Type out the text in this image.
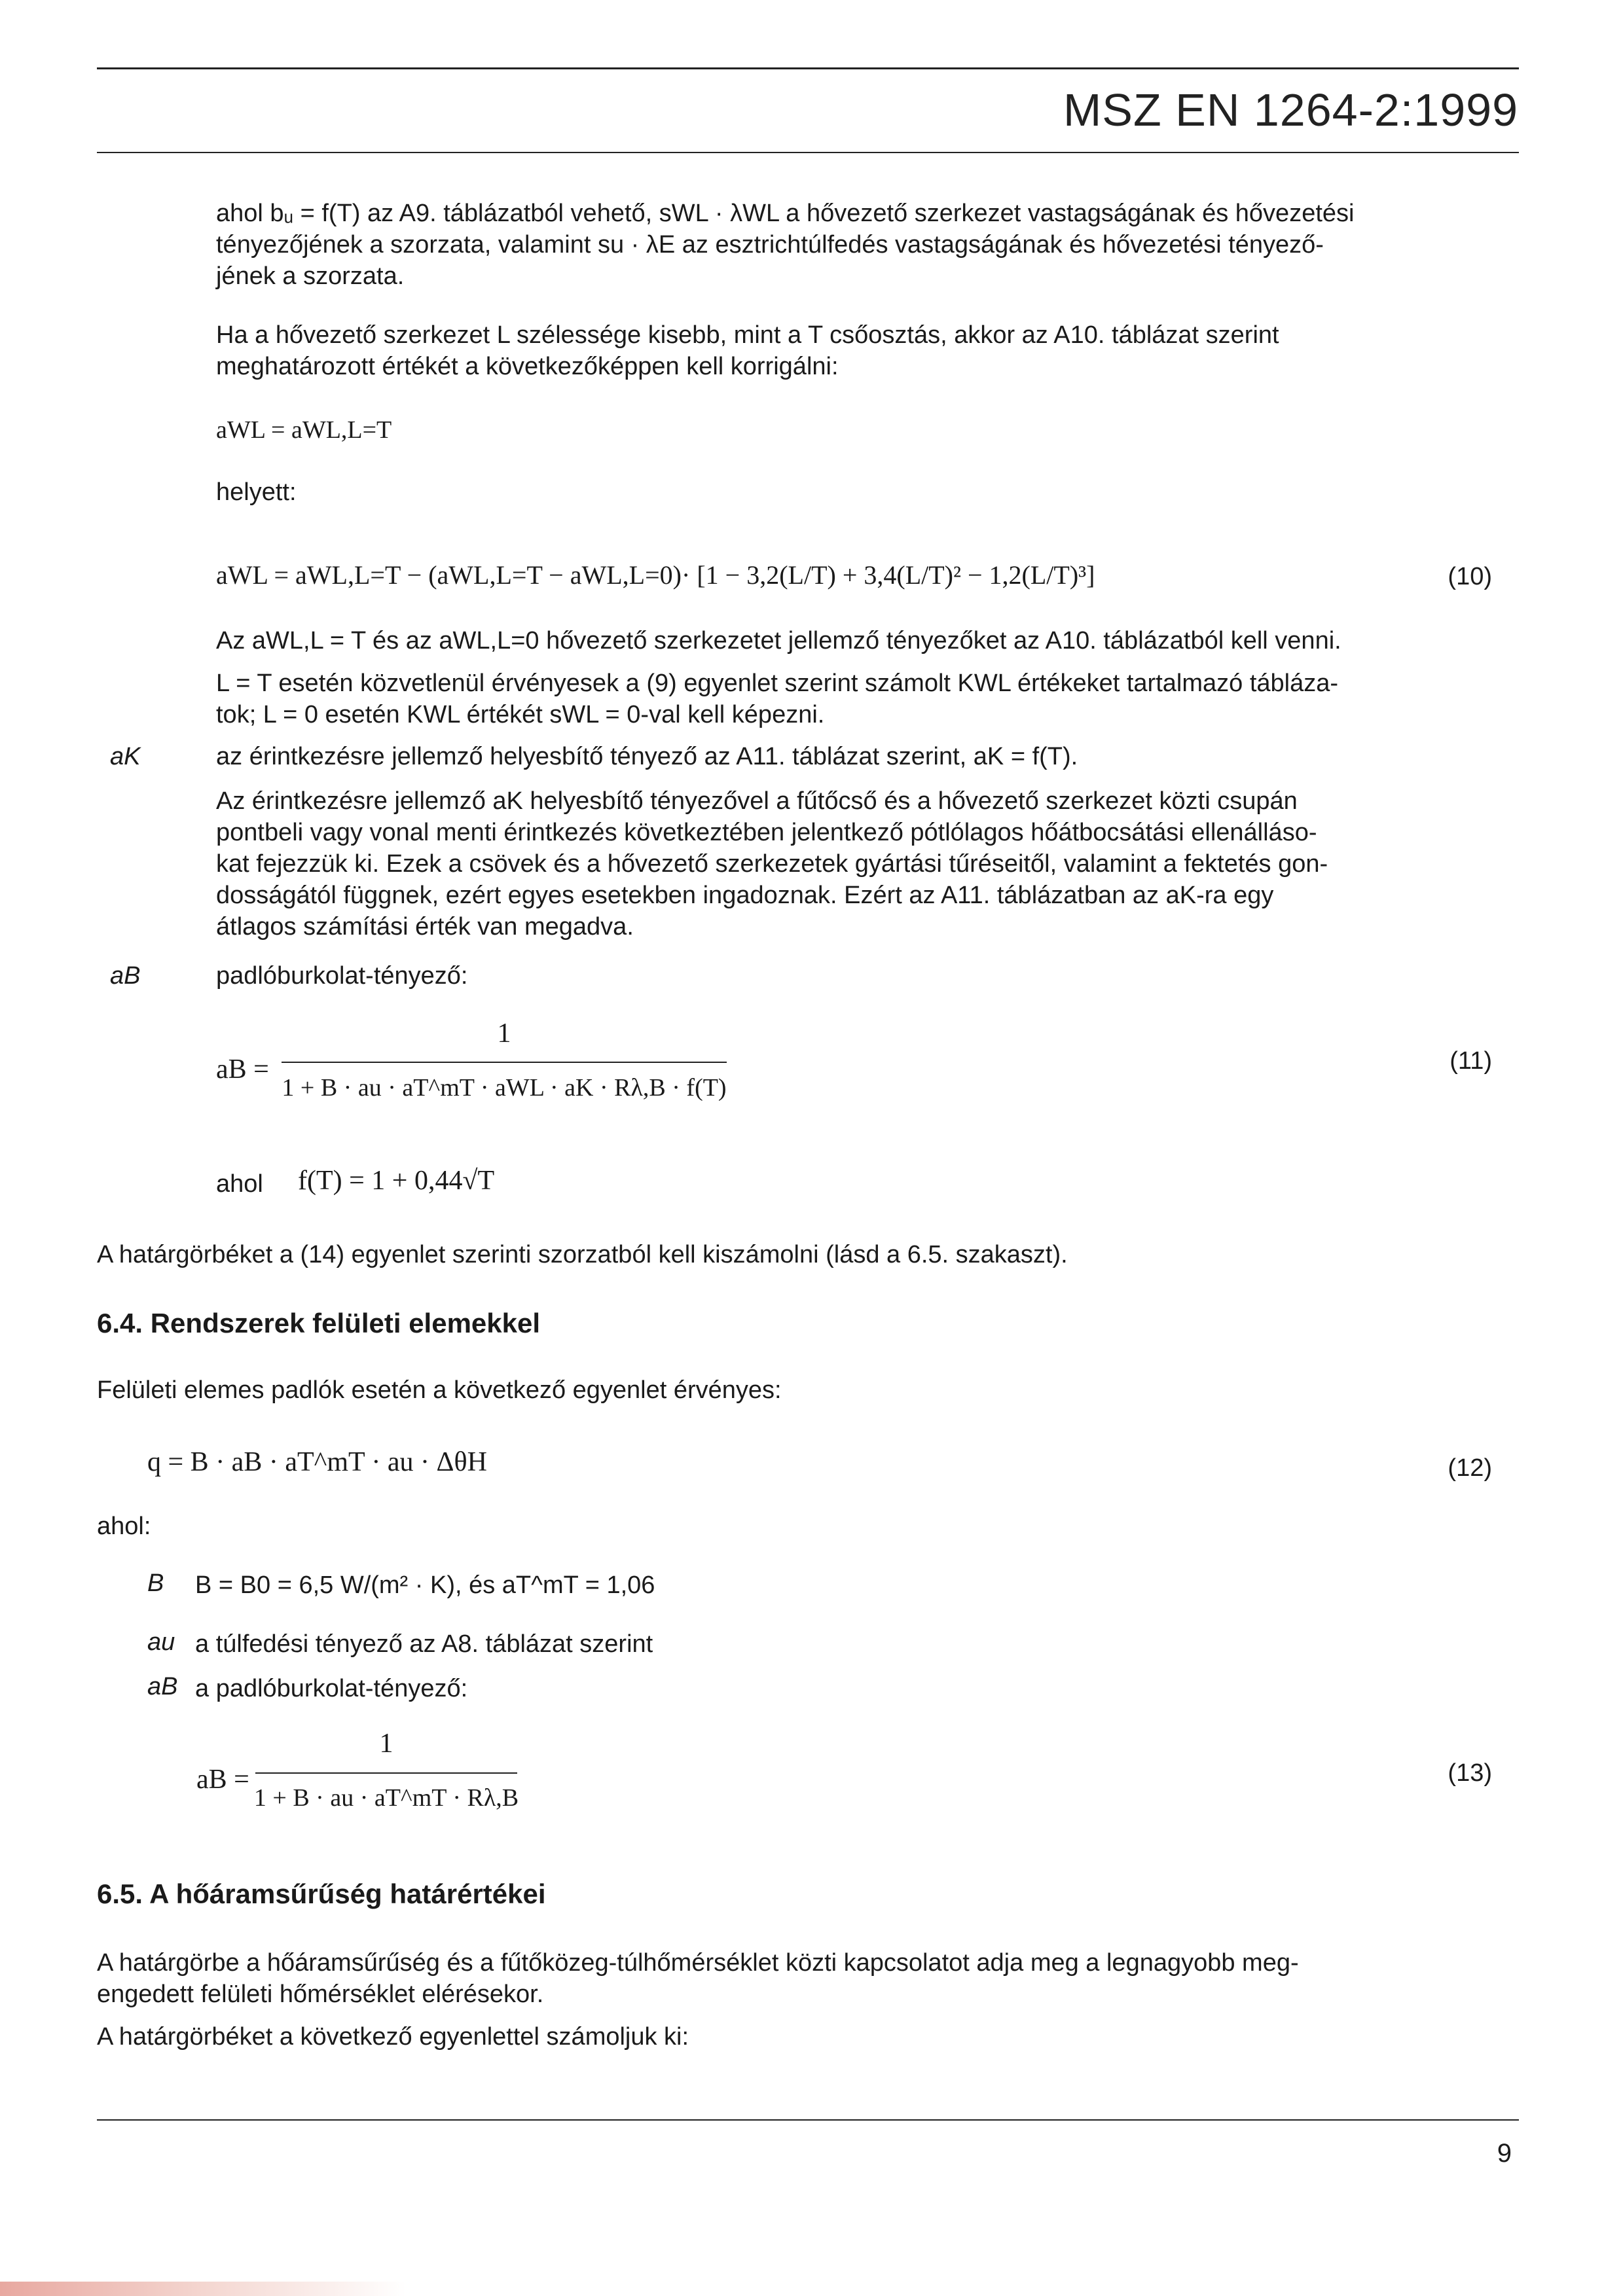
MSZ EN 1264-2:1999
ahol bᵤ = f(T) az A9. táblázatból vehető, sWL · λWL a hővezető szerkezet vastagságának és hővezetési
tényezőjének a szorzata, valamint su · λE az esztrichtúlfedés vastagságának és hővezetési tényező-
jének a szorzata.
Ha a hővezető szerkezet L szélessége kisebb, mint a T csőosztás, akkor az A10. táblázat szerint
meghatározott értékét a következőképpen kell korrigálni:
aWL = aWL,L=T
helyett:
aWL = aWL,L=T − (aWL,L=T − aWL,L=0)· [1 − 3,2(L/T) + 3,4(L/T)² − 1,2(L/T)³]	(10)
Az aWL,L = T és az aWL,L=0 hővezető szerkezetet jellemző tényezőket az A10. táblázatból kell venni.
L = T esetén közvetlenül érvényesek a (9) egyenlet szerint számolt KWL értékeket tartalmazó tábláza-
tok; L = 0 esetén KWL értékét sWL = 0-val kell képezni.
aK	az érintkezésre jellemző helyesbítő tényező az A11. táblázat szerint, aK = f(T).
Az érintkezésre jellemző aK helyesbítő tényezővel a fűtőcső és a hővezető szerkezet közti csupán
pontbeli vagy vonal menti érintkezés következtében jelentkező pótlólagos hőátbocsátási ellenálláso-
kat fejezzük ki. Ezek a csövek és a hővezető szerkezetek gyártási tűréseitől, valamint a fektetés gon-
dosságától függnek, ezért egyes esetekben ingadoznak. Ezért az A11. táblázatban az aK-ra egy
átlagos számítási érték van megadva.
aB	padlóburkolat-tényező:
aB =
1
1 + B · au · aT^mT · aWL · aK · Rλ,B · f(T)
(11)
ahol f(T) = 1 + 0,44√T
A határgörbéket a (14) egyenlet szerinti szorzatból kell kiszámolni (lásd a 6.5. szakaszt).
6.4. Rendszerek felületi elemekkel
Felületi elemes padlók esetén a következő egyenlet érvényes:
q = B · aB · aT^mT · au · ΔθH	(12)
ahol:
B B = B0 = 6,5 W/(m² · K), és aT^mT = 1,06
au a túlfedési tényező az A8. táblázat szerint
aB a padlóburkolat-tényező:
aB =
1
1 + B · au · aT^mT · Rλ,B
(13)
6.5. A hőáramsűrűség határértékei
A határgörbe a hőáramsűrűség és a fűtőközeg-túlhőmérséklet közti kapcsolatot adja meg a legnagyobb meg-
engedett felületi hőmérséklet elérésekor.
A határgörbéket a következő egyenlettel számoljuk ki:
9
